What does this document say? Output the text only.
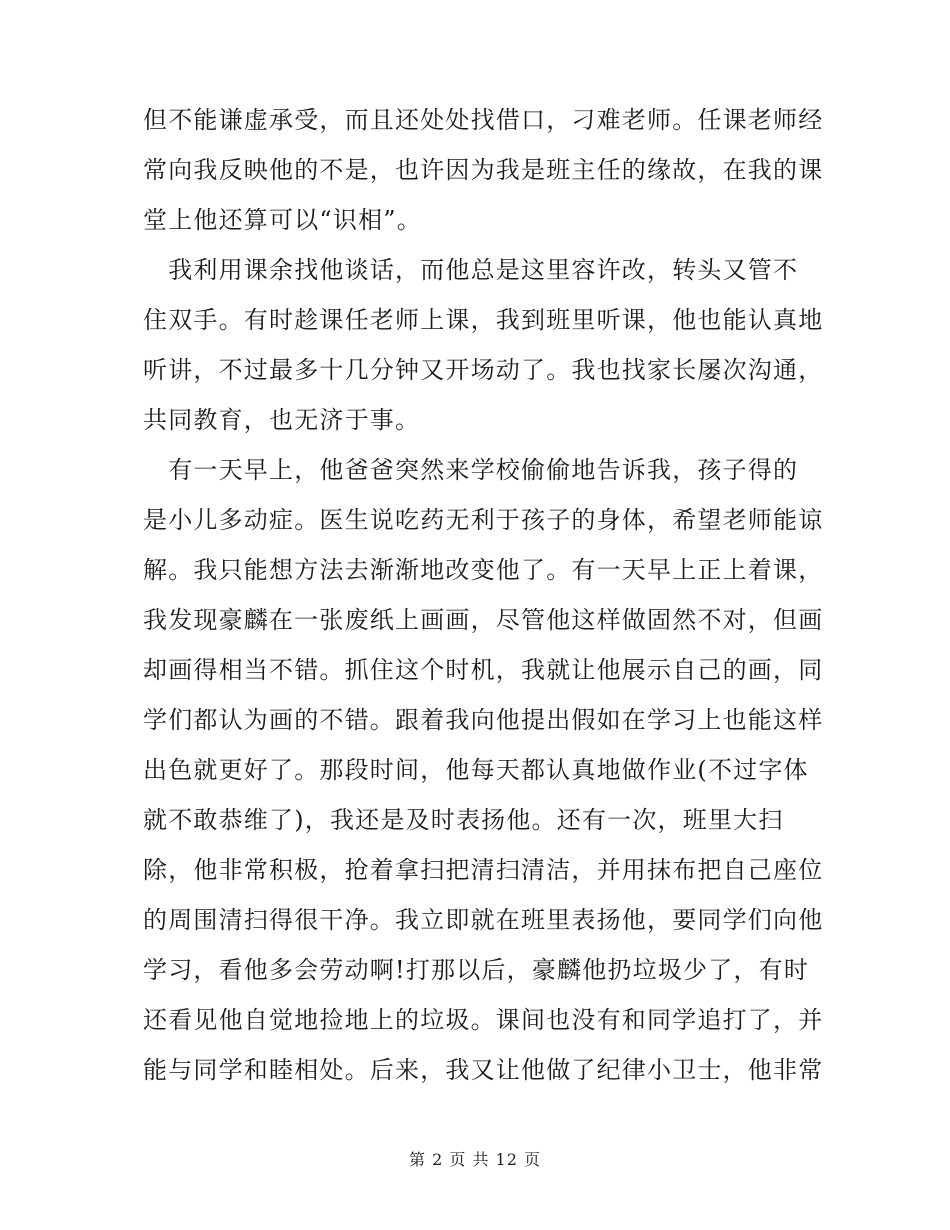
但不能谦虚承受，而且还处处找借口，刁难老师。任课老师经
常向我反映他的不是，也许因为我是班主任的缘故，在我的课
堂上他还算可以“识相”。
　我利用课余找他谈话，而他总是这里容许改，转头又管不
住双手。有时趁课任老师上课，我到班里听课，他也能认真地
听讲，不过最多十几分钟又开场动了。我也找家长屡次沟通，
共同教育，也无济于事。
　有一天早上，他爸爸突然来学校偷偷地告诉我，孩子得的
是小儿多动症。医生说吃药无利于孩子的身体，希望老师能谅
解。我只能想方法去渐渐地改变他了。有一天早上正上着课，
我发现豪麟在一张废纸上画画，尽管他这样做固然不对，但画
却画得相当不错。抓住这个时机，我就让他展示自己的画，同
学们都认为画的不错。跟着我向他提出假如在学习上也能这样
出色就更好了。那段时间，他每天都认真地做作业(不过字体
就不敢恭维了)，我还是及时表扬他。还有一次，班里大扫
除，他非常积极，抢着拿扫把清扫清洁，并用抹布把自己座位
的周围清扫得很干净。我立即就在班里表扬他，要同学们向他
学习，看他多会劳动啊!打那以后，豪麟他扔垃圾少了，有时
还看见他自觉地捡地上的垃圾。课间也没有和同学追打了，并
能与同学和睦相处。后来，我又让他做了纪律小卫士，他非常
第 2 页 共 12 页
